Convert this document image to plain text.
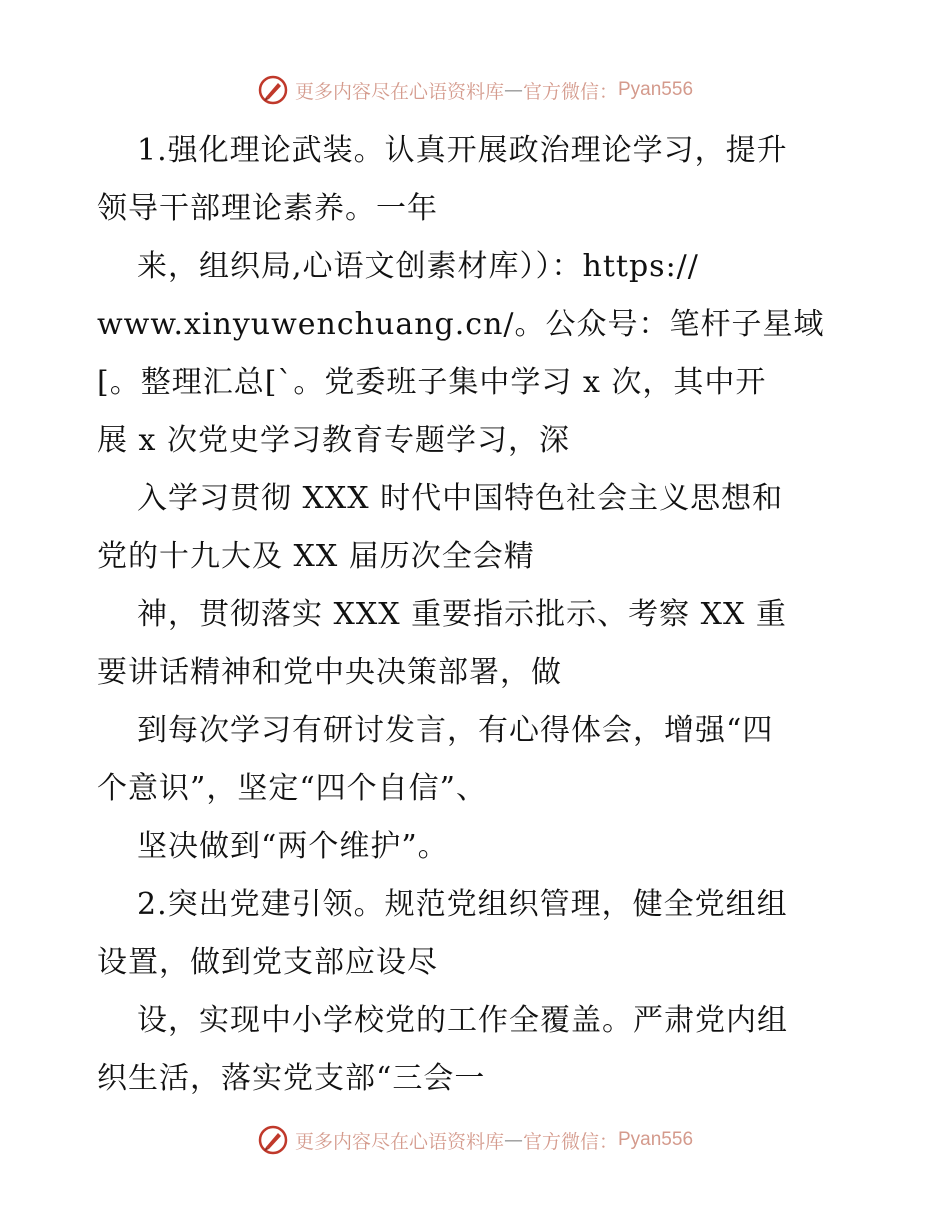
更多内容尽在心语资料库 — 官方微信： Pyan556
1.强化理论武装。认真开展政治理论学习，提升
领导干部理论素养。一年
来，组织局,心语文创素材库））：https://
www.xinyuwenchuang.cn/。公众号：笔杆子星域
[。整理汇总[`。党委班子集中学习 x 次，其中开
展 x 次党史学习教育专题学习，深
入学习贯彻 XXX 时代中国特色社会主义思想和
党的十九大及 XX 届历次全会精
神，贯彻落实 XXX 重要指示批示、考察 XX 重
要讲话精神和党中央决策部署，做
到每次学习有研讨发言，有心得体会，增强“四
个意识”，坚定“四个自信”、
坚决做到“两个维护”。
2.突出党建引领。规范党组织管理，健全党组组
设置，做到党支部应设尽
设，实现中小学校党的工作全覆盖。严肃党内组
织生活，落实党支部“三会一
更多内容尽在心语资料库 — 官方微信： Pyan556
